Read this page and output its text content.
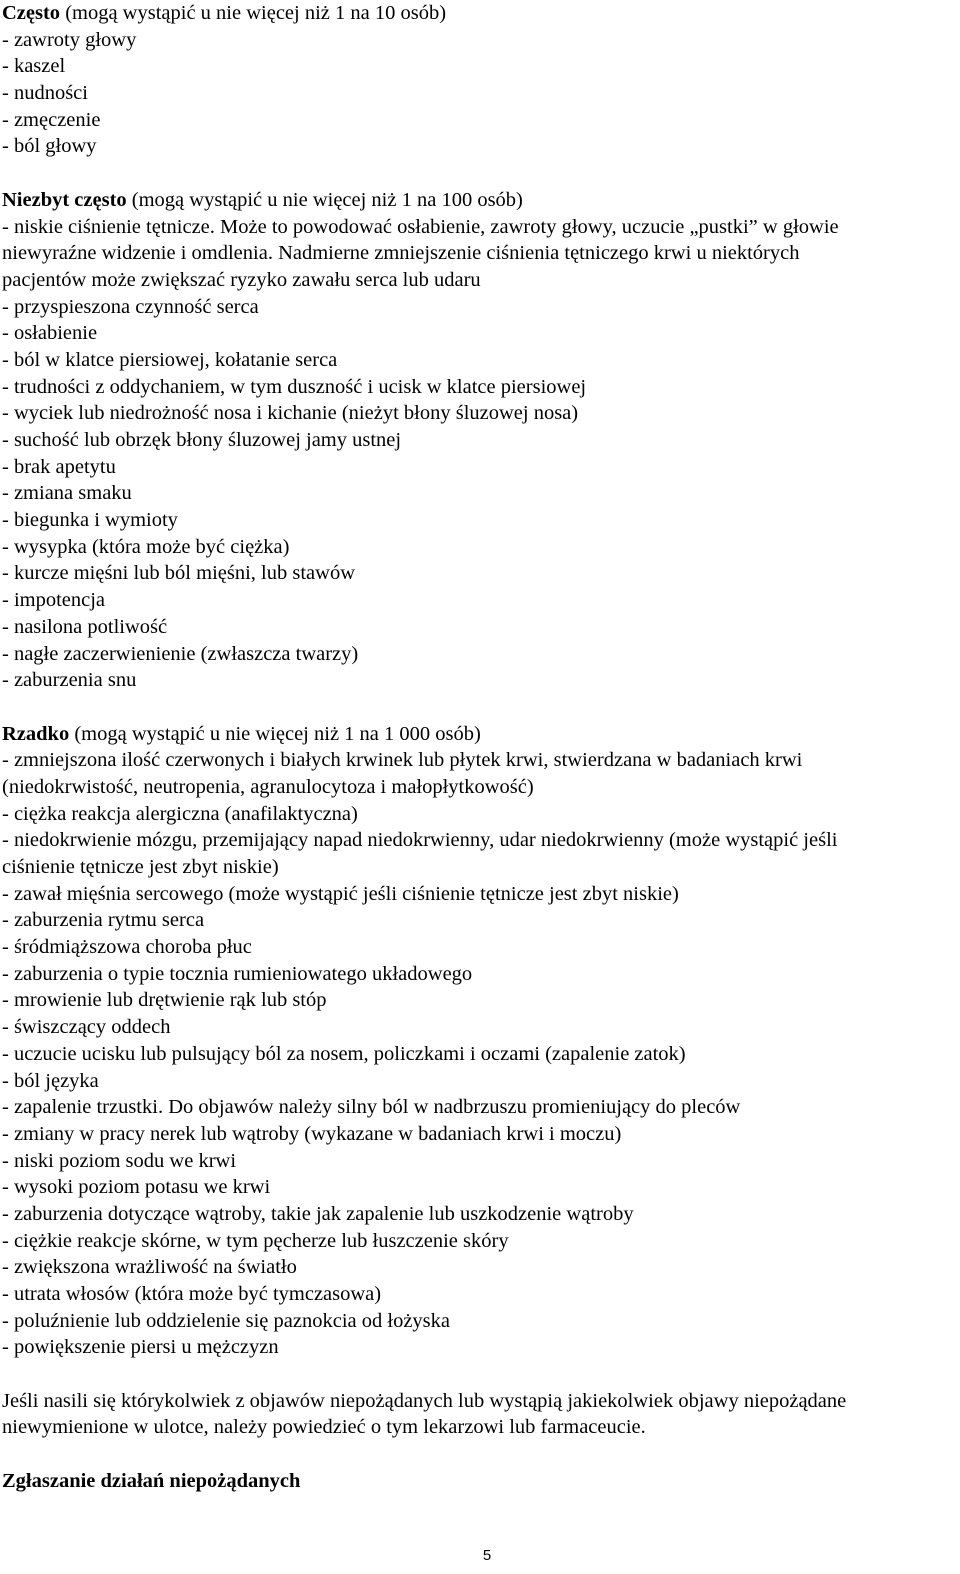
Często (mogą wystąpić u nie więcej niż 1 na 10 osób)
- zawroty głowy
- kaszel
- nudności
- zmęczenie
- ból głowy
Niezbyt często (mogą wystąpić u nie więcej niż 1 na 100 osób)
- niskie ciśnienie tętnicze. Może to powodować osłabienie, zawroty głowy, uczucie „pustki” w głowie
niewyraźne widzenie i omdlenia. Nadmierne zmniejszenie ciśnienia tętniczego krwi u niektórych
pacjentów może zwiększać ryzyko zawału serca lub udaru
- przyspieszona czynność serca
- osłabienie
- ból w klatce piersiowej, kołatanie serca
- trudności z oddychaniem, w tym duszność i ucisk w klatce piersiowej
- wyciek lub niedrożność nosa i kichanie (nieżyt błony śluzowej nosa)
- suchość lub obrzęk błony śluzowej jamy ustnej
- brak apetytu
- zmiana smaku
- biegunka i wymioty
- wysypka (która może być ciężka)
- kurcze mięśni lub ból mięśni, lub stawów
- impotencja
- nasilona potliwość
- nagłe zaczerwienienie (zwłaszcza twarzy)
- zaburzenia snu
Rzadko (mogą wystąpić u nie więcej niż 1 na 1 000 osób)
- zmniejszona ilość czerwonych i białych krwinek lub płytek krwi, stwierdzana w badaniach krwi
(niedokrwistość, neutropenia, agranulocytoza i małopłytkowość)
- ciężka reakcja alergiczna (anafilaktyczna)
- niedokrwienie mózgu, przemijający napad niedokrwienny, udar niedokrwienny (może wystąpić jeśli
ciśnienie tętnicze jest zbyt niskie)
- zawał mięśnia sercowego (może wystąpić jeśli ciśnienie tętnicze jest zbyt niskie)
- zaburzenia rytmu serca
- śródmiąższowa choroba płuc
- zaburzenia o typie tocznia rumieniowatego układowego
- mrowienie lub drętwienie rąk lub stóp
- świszczący oddech
- uczucie ucisku lub pulsujący ból za nosem, policzkami i oczami (zapalenie zatok)
- ból języka
- zapalenie trzustki. Do objawów należy silny ból w nadbrzuszu promieniujący do pleców
- zmiany w pracy nerek lub wątroby (wykazane w badaniach krwi i moczu)
- niski poziom sodu we krwi
- wysoki poziom potasu we krwi
- zaburzenia dotyczące wątroby, takie jak zapalenie lub uszkodzenie wątroby
- ciężkie reakcje skórne, w tym pęcherze lub łuszczenie skóry
- zwiększona wrażliwość na światło
- utrata włosów (która może być tymczasowa)
- poluźnienie lub oddzielenie się paznokcia od łożyska
- powiększenie piersi u mężczyzn
Jeśli nasili się którykolwiek z objawów niepożądanych lub wystąpią jakiekolwiek objawy niepożądane
niewymienione w ulotce, należy powiedzieć o tym lekarzowi lub farmaceucie.
Zgłaszanie działań niepożądanych
5
